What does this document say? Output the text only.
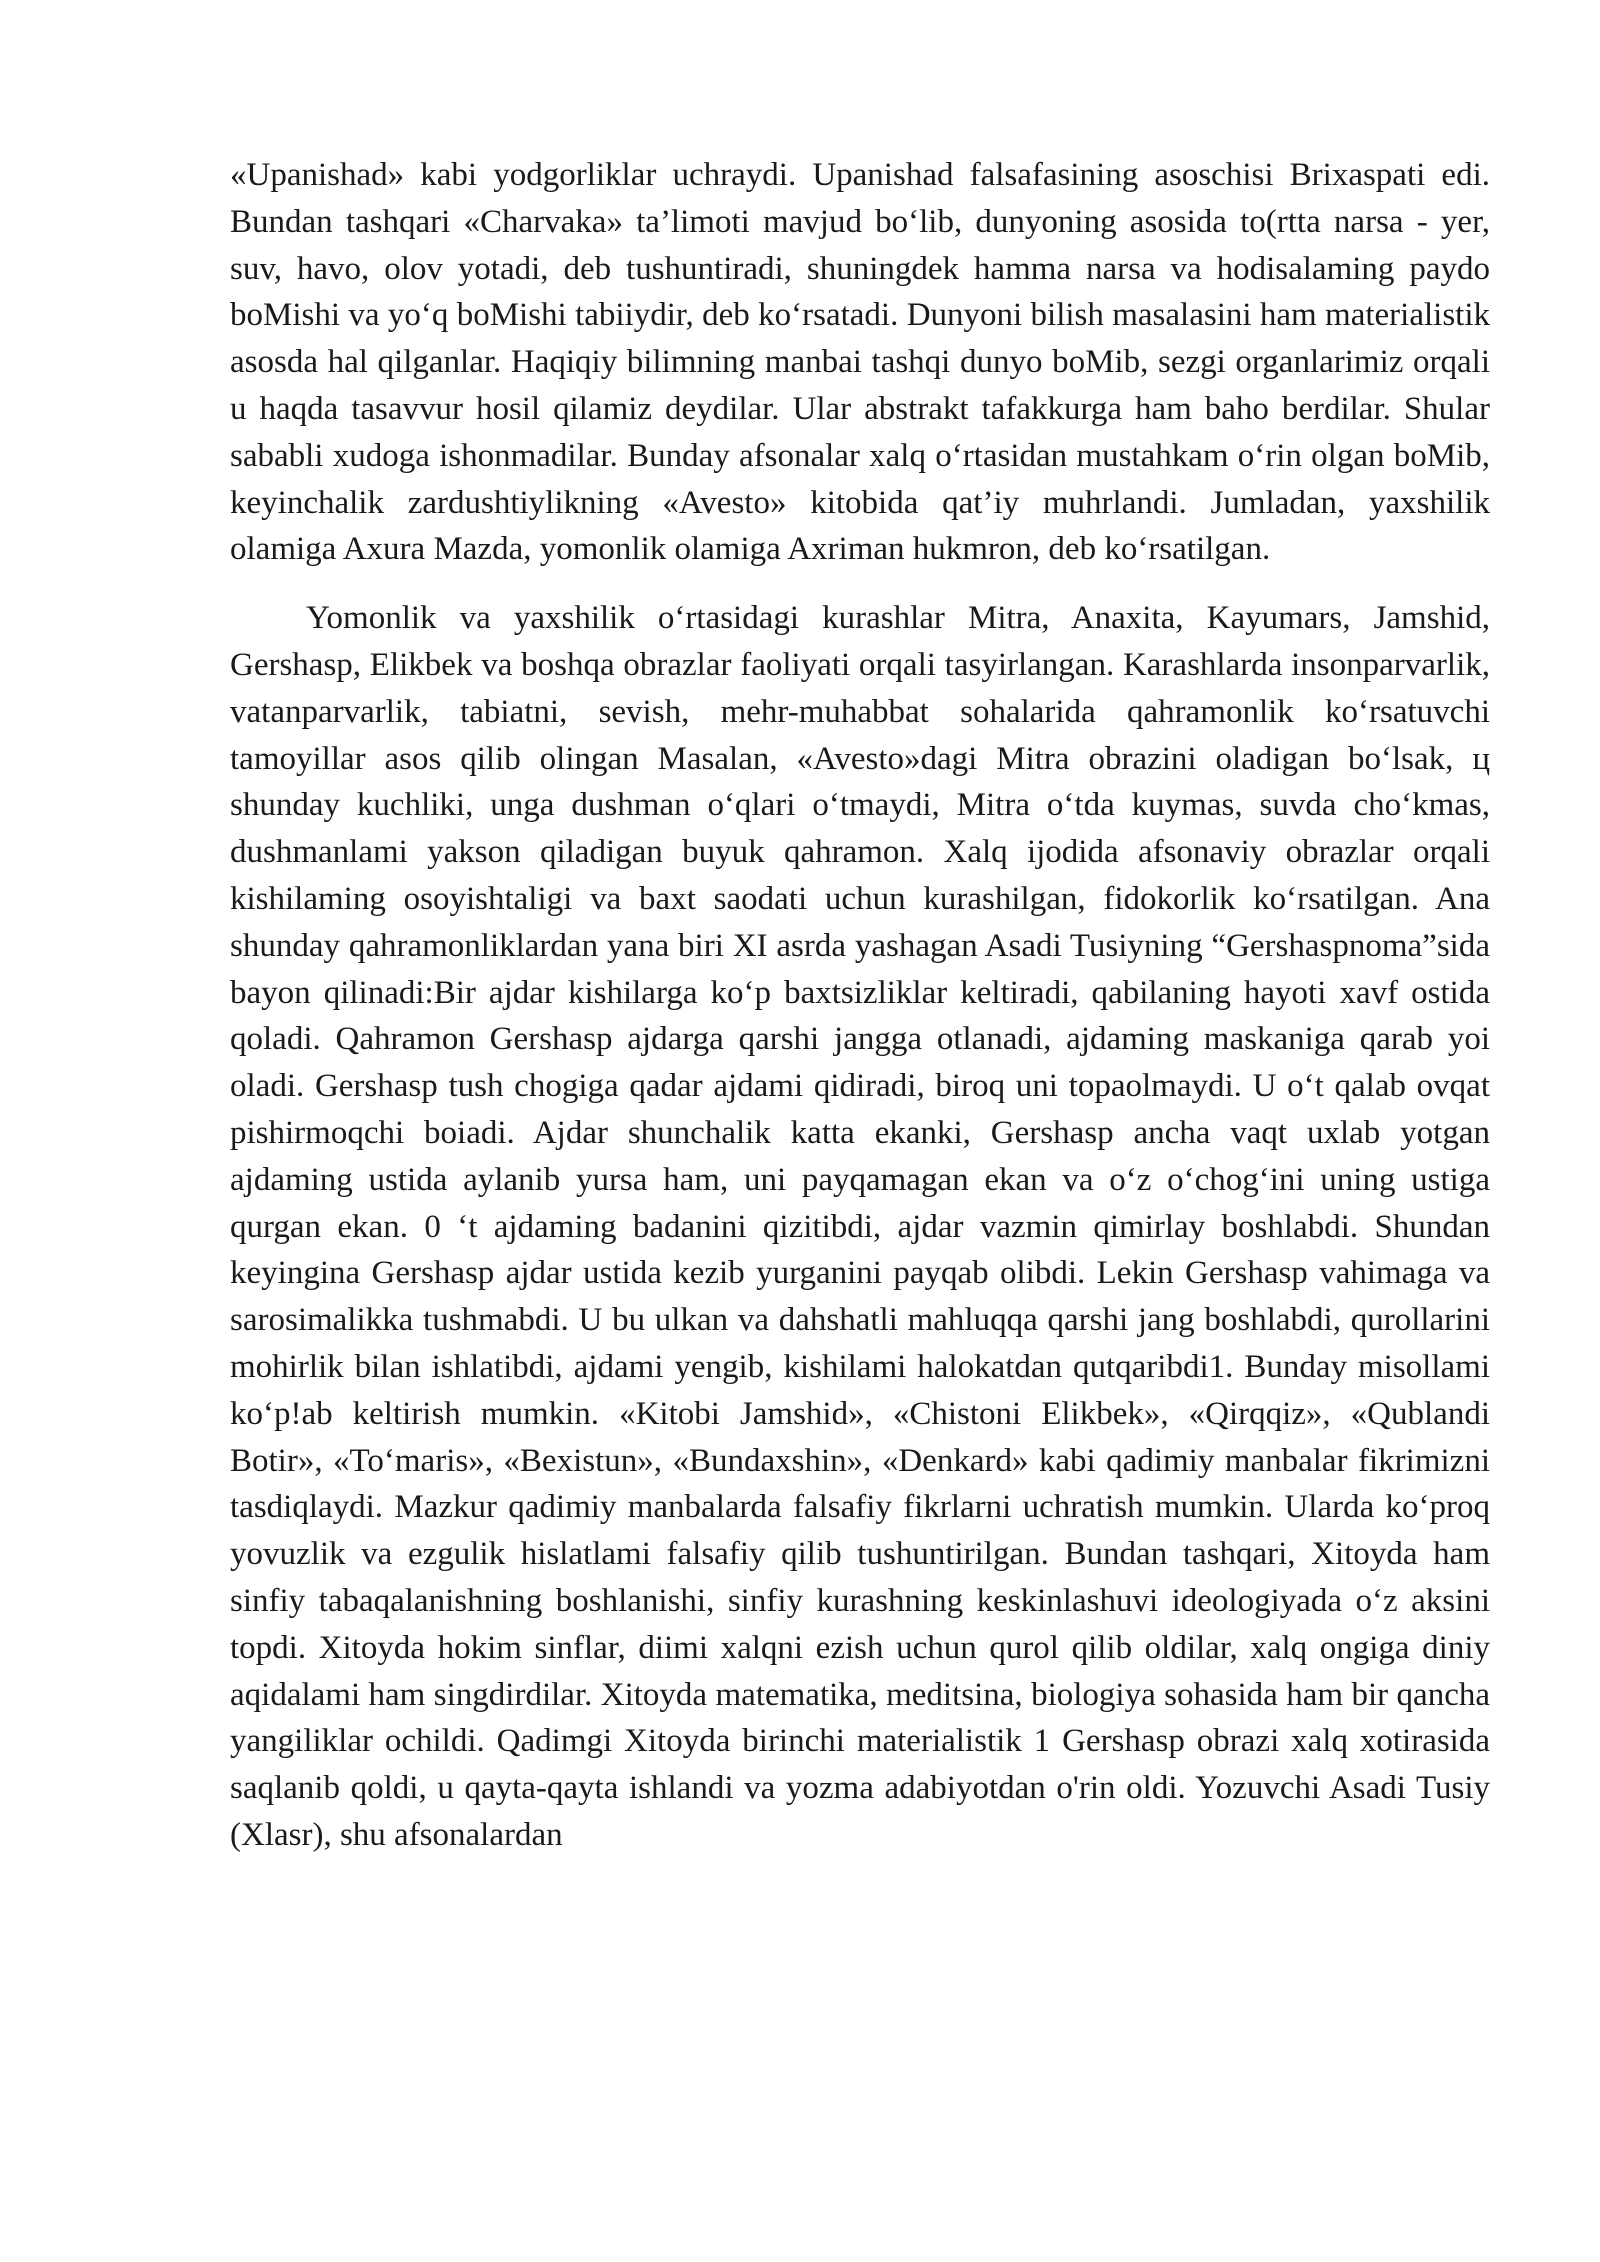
«Upanishad» kabi yodgorliklar uchraydi. Upanishad falsafasining asoschisi Brixaspati edi. Bundan tashqari «Charvaka» ta’limoti mavjud bo‘lib, dunyoning asosida to(rtta narsa - yer, suv, havo, olov yotadi, deb tushuntiradi, shuningdek hamma narsa va hodisalaming paydo boMishi va yo‘q boMishi tabiiydir, deb ko‘rsatadi. Dunyoni bilish masalasini ham materialistik asosda hal qilganlar. Haqiqiy bilimning manbai tashqi dunyo boMib, sezgi organlarimiz orqali u haqda tasavvur hosil qilamiz deydilar. Ular abstrakt tafakkurga ham baho berdilar. Shular sababli xudoga ishonmadilar. Bunday afsonalar xalq o‘rtasidan mustahkam o‘rin olgan boMib, keyinchalik zardushtiylikning «Avesto» kitobida qat’iy muhrlandi. Jumladan, yaxshilik olamiga Axura Mazda, yomonlik olamiga Axriman hukmron, deb ko‘rsatilgan.

Yomonlik va yaxshilik o‘rtasidagi kurashlar Mitra, Anaxita, Kayumars, Jamshid, Gershasp, Elikbek va boshqa obrazlar faoliyati orqali tasyirlangan. Karashlarda insonparvarlik, vatanparvarlik, tabiatni, sevish, mehr-muhabbat sohalarida qahramonlik ko‘rsatuvchi tamoyillar asos qilib olingan Masalan, «Avesto»dagi Mitra obrazini oladigan bo‘lsak, ц shunday kuchliki, unga dushman o‘qlari o‘tmaydi, Mitra o‘tda kuymas, suvda cho‘kmas, dushmanlami yakson qiladigan buyuk qahramon. Xalq ijodida afsonaviy obrazlar orqali kishilaming osoyishtaligi va baxt saodati uchun kurashilgan, fidokorlik ko‘rsatilgan. Ana shunday qahramonliklardan yana biri XI asrda yashagan Asadi Tusiyning “Gershaspnoma”sida bayon qilinadi:Bir ajdar kishilarga ko‘p baxtsizliklar keltiradi, qabilaning hayoti xavf ostida qoladi. Qahramon Gershasp ajdarga qarshi jangga otlanadi, ajdaming maskaniga qarab yoi oladi. Gershasp tush chogiga qadar ajdami qidiradi, biroq uni topaolmaydi. U o‘t qalab ovqat pishirmoqchi boiadi. Ajdar shunchalik katta ekanki, Gershasp ancha vaqt uxlab yotgan ajdaming ustida aylanib yursa ham, uni payqamagan ekan va o‘z o‘chog‘ini uning ustiga qurgan ekan. 0 ‘t ajdaming badanini qizitibdi, ajdar vazmin qimirlay boshlabdi. Shundan keyingina Gershasp ajdar ustida kezib yurganini payqab olibdi. Lekin Gershasp vahimaga va sarosimalikka tushmabdi. U bu ulkan va dahshatli mahluqqa qarshi jang boshlabdi, qurollarini mohirlik bilan ishlatibdi, ajdami yengib, kishilami halokatdan qutqaribdi1. Bunday misollami ko‘p!ab keltirish mumkin. «Kitobi Jamshid», «Chistoni Elikbek», «Qirqqiz», «Qublandi Botir», «To‘maris», «Bexistun», «Bundaxshin», «Denkard» kabi qadimiy manbalar fikrimizni tasdiqlaydi. Mazkur qadimiy manbalarda falsafiy fikrlarni uchratish mumkin. Ularda ko‘proq yovuzlik va ezgulik hislatlami falsafiy qilib tushuntirilgan. Bundan tashqari, Xitoyda ham sinfiy tabaqalanishning boshlanishi, sinfiy kurashning keskinlashuvi ideologiyada o‘z aksini topdi. Xitoyda hokim sinflar, diimi xalqni ezish uchun qurol qilib oldilar, xalq ongiga diniy aqidalami ham singdirdilar. Xitoyda matematika, meditsina, biologiya sohasida ham bir qancha yangiliklar ochildi. Qadimgi Xitoyda birinchi materialistik 1 Gershasp obrazi xalq xotirasida saqlanib qoldi, u qayta-qayta ishlandi va yozma adabiyotdan o'rin oldi. Yozuvchi Asadi Tusiy (Xlasr), shu afsonalardan
